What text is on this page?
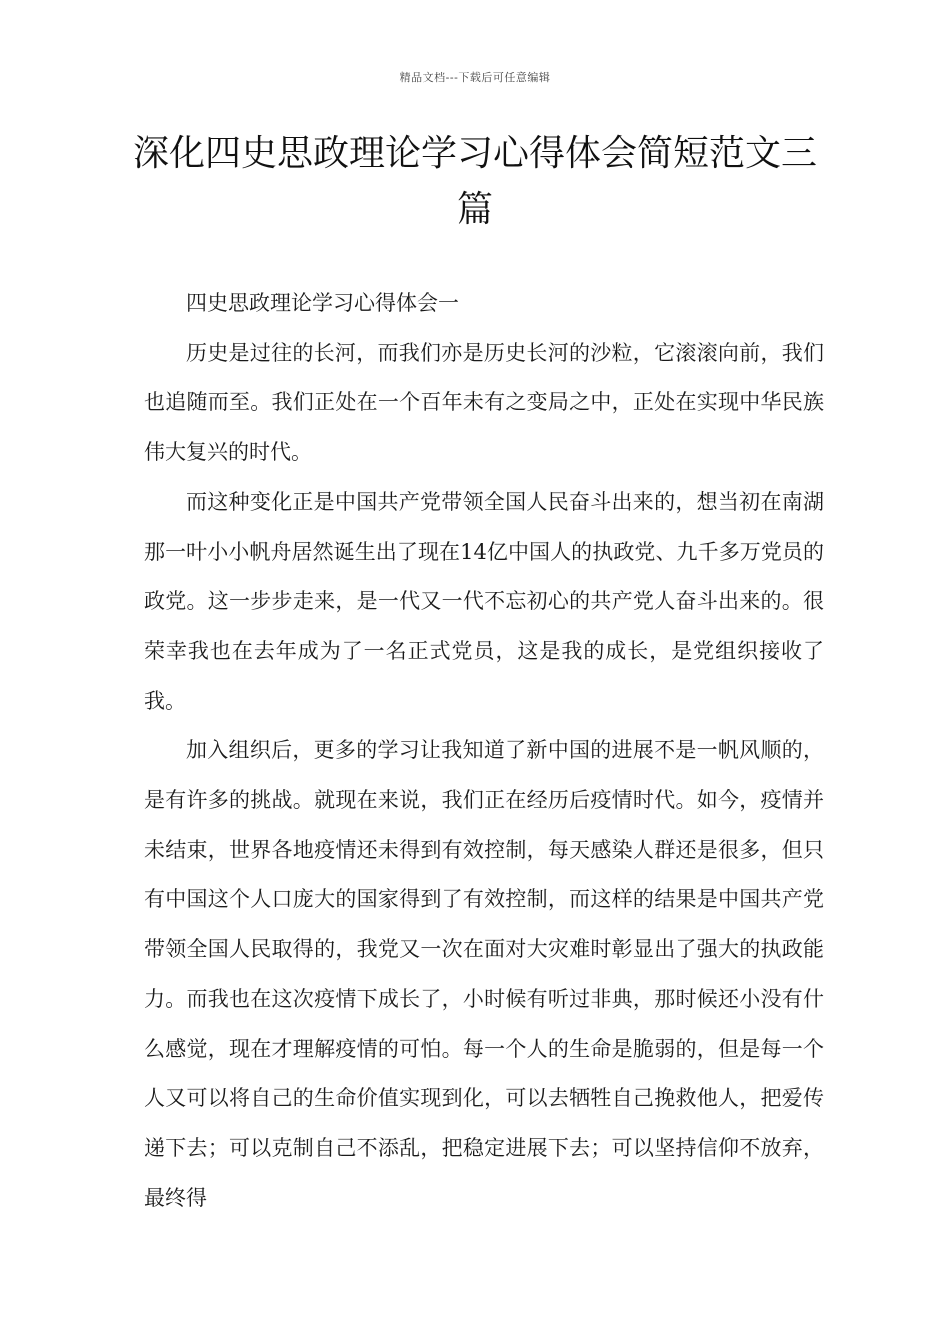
精品文档---下载后可任意编辑
深化四史思政理论学习心得体会简短范文三篇

四史思政理论学习心得体会一

历史是过往的长河，而我们亦是历史长河的沙粒，它滚滚向前，我们也追随而至。我们正处在一个百年未有之变局之中，正处在实现中华民族伟大复兴的时代。

而这种变化正是中国共产党带领全国人民奋斗出来的，想当初在南湖那一叶小小帆舟居然诞生出了现在14亿中国人的执政党、九千多万党员的政党。这一步步走来，是一代又一代不忘初心的共产党人奋斗出来的。很荣幸我也在去年成为了一名正式党员，这是我的成长，是党组织接收了我。

加入组织后，更多的学习让我知道了新中国的进展不是一帆风顺的，是有许多的挑战。就现在来说，我们正在经历后疫情时代。如今，疫情并未结束，世界各地疫情还未得到有效控制，每天感染人群还是很多，但只有中国这个人口庞大的国家得到了有效控制，而这样的结果是中国共产党带领全国人民取得的，我党又一次在面对大灾难时彰显出了强大的执政能力。而我也在这次疫情下成长了，小时候有听过非典，那时候还小没有什么感觉，现在才理解疫情的可怕。每一个人的生命是脆弱的，但是每一个人又可以将自己的生命价值实现到化，可以去牺牲自己挽救他人，把爱传递下去；可以克制自己不添乱，把稳定进展下去；可以坚持信仰不放弃，最终得
